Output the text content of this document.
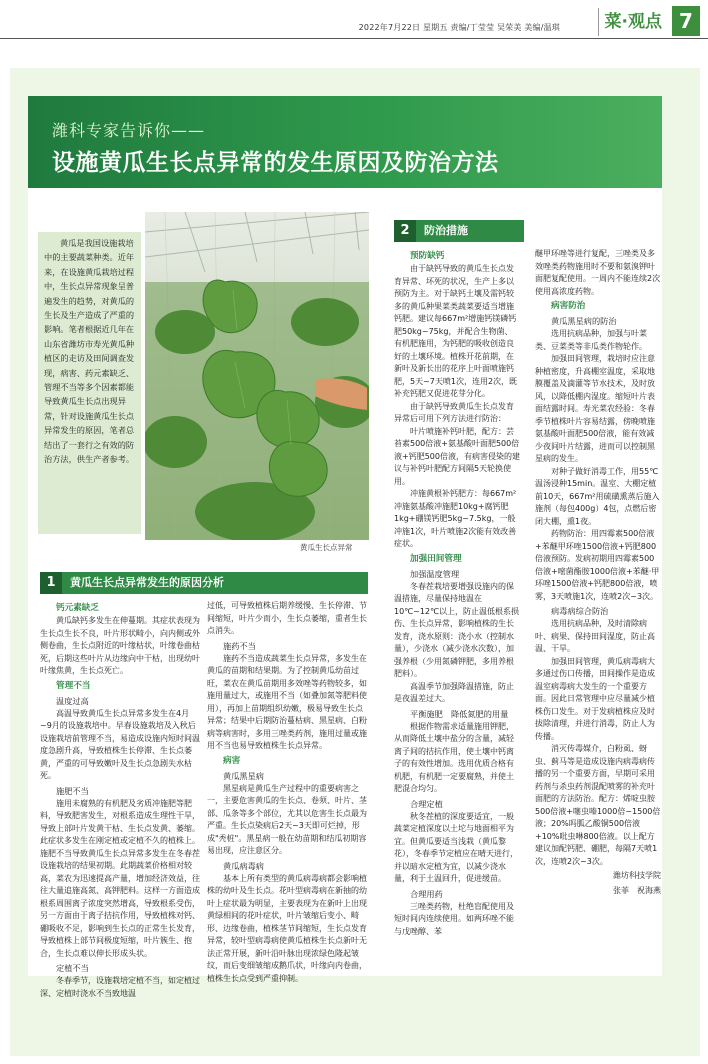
2022年7月22日 星期五 责编/丁莹莹 吴荣美 美编/温琪	菜·观点 7
潍科专家告诉你——
设施黄瓜生长点异常的发生原因及防治方法
黄瓜是我国设施栽培中的主要蔬菜种类。近年来，在设施黄瓜栽培过程中，生长点异常现象呈普遍发生的趋势，对黄瓜的生长及生产造成了严重的影响。笔者根据近几年在山东省潍坊市寿光黄瓜种植区的走访及田间调查发现，病害、药元素缺乏、管理不当等多个因素都能导致黄瓜生长点出现异常，针对设施黄瓜生长点异常发生的原因，笔者总结出了一套行之有效的防治方法，供生产者参考。
黄瓜生长点异常
1 黄瓜生长点异常发生的原因分析
2 防治措施

钙元素缺乏

黄瓜缺钙多发生在伸蔓期。其症状表现为生长点生长不良，叶片形状畸小，向内侧或外侧卷曲，生长点附近的叶缘枯状，叶缘卷曲枯死，后期这些叶片从边缘向中干枯，出现幼叶叶缘焦黄，生长点死亡。

管理不当

温度过高

高温导致黄瓜生长点异常多发生在4月~9月的设施栽培中。早春设施栽培及入秋后设施栽培前管理不当，易造成设施内短时间温度急剧升高，导致植株生长停滞、生长点萎黄，严重的可导致嫩叶及生长点急剧失水枯死。

施肥不当

施用未腐熟的有机肥及劣质冲施肥等肥料，导致肥害发生，对根系造成生理性干旱，导致上部叶片发黄干枯、生长点发黄、萎缩。此症状多发生在刚定植或定植不久的植株上。施肥不当导致黄瓜生长点异常多发生在冬春茬设施栽培的结果初期。此期蔬菜价格相对较高，菜农为迅速提高产量，增加经济效益，往往大量追施高氮、高钾肥料。这样一方面造成根系周围离子浓度突然增高，导致根系受伤，另一方面由于离子拮抗作用，导致植株对钙、硼吸收不足，影响到生长点的正常生长发育，导致植株上部节间极度短缩，叶片簇生、抱合，生长点难以伸长形成头状。

定植不当

冬春季节，设施栽培定植不当，如定植过深、定植时浇水不当致地温

过低，可导致植株后期养缓慢、生长停滞、节间缩短，叶片少而小，生长点萎缩，重者生长点消失。

施药不当

施药不当造成蔬菜生长点异常，多发生在黄瓜的苗期和结果期。为了控制黄瓜幼苗过旺，菜农在黄瓜苗期用多效唑等药物较多，如施用量过大，或施用不当（如叠加氮等肥料使用），再加上苗期组织幼嫩，极易导致生长点异常；结果中后期防治蔓枯病、黑星病、白粉病等病害时，多用三唑类药剂，施用过量或施用不当也易导致植株生长点异常。

病害

黄瓜黑星病

黑星病是黄瓜生产过程中的重要病害之一，主要危害黄瓜的生长点、卷须、叶片、茎部、瓜条等多个部位，尤其以危害生长点最为严重。生长点染病后2天~3天即可烂掉，形成"秃桩"。黑星病一般在幼苗期和结瓜初期容易出现，应注意区分。

黄瓜病毒病

基本上所有类型的黄瓜病毒病都会影响植株的幼叶及生长点。花叶型病毒病在新抽的幼叶上症状最为明显，主要表现为在新叶上出现黄绿相间的花叶症状，叶片皱缩后变小、畸形、边缘卷曲，植株茎节间缩短，生长点发育异常，较叶型病毒病使黄瓜植株生长点新叶无法正常开展，新叶沿叶脉出现浓绿色隆起皱纹，而后变细皱缩成鹅爪状，叶缘向内卷曲，植株生长点受到严重抑制。

预防缺钙

由于缺钙导致的黄瓜生长点发育异常、坏死的状况，生产上多以预防为主。对于缺钙土壤及需钙较多的黄瓜种果菜类蔬菜要适当增施钙肥。建议每667m²增施钙镁磷钙肥50kg~75kg，并配合生物菌、有机肥施用，为钙肥的吸收创造良好的土壤环境。植株开花前期，在新叶及新长出的花序上叶面喷施钙肥，5天~7天喷1次，连用2次，既补充钙肥又促进花芽分化。

由于缺钙导致黄瓜生长点发育异常后可用下列方法进行防治：

叶片喷施补钙叶肥，配方：芸苔素500倍液+氨基酸叶面肥500倍液+钙肥500倍液，有病害侵染的建议与补钙叶肥配方间隔5天轮换使用。

冲施黄根补钙肥方：每667m²冲施氨基酸冲施肥10kg+腐钙肥1kg+硼镁钙肥5kg~7.5kg，一般冲施1次，叶片喷施2次能有效改善症状。

加强田间管理

加强温度管理

冬春茬栽培要增强设施内的保温措施，尽量保持地温在10℃~12℃以上，防止温低根系损伤、生长点异常，影响植株的生长发育，浇水原则：浇小水（控制水量），少浇水（减少浇水次数），加强养根（少用氮磷钾肥，多用养根肥料）。

高温季节加强降温措施，防止是夜温差过大。

平衡施肥　降低氮肥的用量

根据作物需求适量施用钾肥，从而降低土壤中盐分的含量，减轻离子间的拮抗作用，使土壤中钙离子的有效性增加。选用优质合格有机肥，有机肥一定要腐熟，并使土肥混合均匀。

合理定植

秋冬茬植的深度要适宜，一般蔬菜定植深度以土坨与地面相平为宜。但黄瓜要适当浅栽（黄瓜黎花），冬春季节定植应在晴天进行，并以暗水定植为宜，以减少浇水量，利于土温回升，促进缓苗。

合理用药

三唑类药物，杜绝盲配使用及短时间内连续使用。如两环唑不能与戊唑醇、苯

醚甲环唑等进行复配，三唑类及多效唑类药物施用时不要和氨溴钾叶面肥复配使用。一周内不能连续2次使用高浓度药物。

病害防治

黄瓜黑星病的防治

选用抗病品种，加强与叶菜类、豆菜类等非瓜类作物轮作。

加强田间管理，栽培时应注意种植密度，升高棚室温度，采取地膜覆盖及滴灌等节水技术，及时放风，以降低棚内湿度。缩短叶片表面结露时间。寿光菜农经验：冬春季节植株叶片容易结露，傍晚喷施氨基酸叶面肥500倍液，能有效减少夜间叶片结露，进而可以控制黑星病的发生。

对种子做好消毒工作，用55℃温汤浸种15min。温室、大棚定植前10天，667m²用硫磺熏蒸后施入施剂（每包400g）4包，点燃后密闭大棚，熏1夜。

药物防治：用四霉素500倍液+苯醚甲环唑1500倍液+钙肥800倍液预防。发病初期用四霉素500倍液+嘧菌酯胺1000倍液+苯醚·甲环唑1500倍液+钙肥800倍液，喷雾，3天喷施1次，连喷2次~3次。

病毒病综合防治

选用抗病品种，及时清除病叶、病果、保持田间湿度，防止高温、干旱。

加强田间管理，黄瓜病毒病大多通过伤口传播，田间操作是造成温室病毒病大发生的一个重要方面。因此日常管理中应尽量减少植株伤口发生。对于发病植株应及时拔除清理，并进行消毒，防止人为传播。

消灭传毒媒介，白粉虱、蚜虫、蓟马等是造成设施内病毒病传播的另一个重要方面，早期可采用药剂与杀虫药剂混配喷雾的补充叶面肥的方法防治。配方：烯啶虫胺500倍液+噻虫嗪1000倍~1500倍液；20%吗胍乙酸铜500倍液+10%吡虫啉800倍液。以上配方建议加配钙肥、硼肥，每隔7天喷1次，连喷2次~3次。

潍坊科技学院

张菲　祝海燕
